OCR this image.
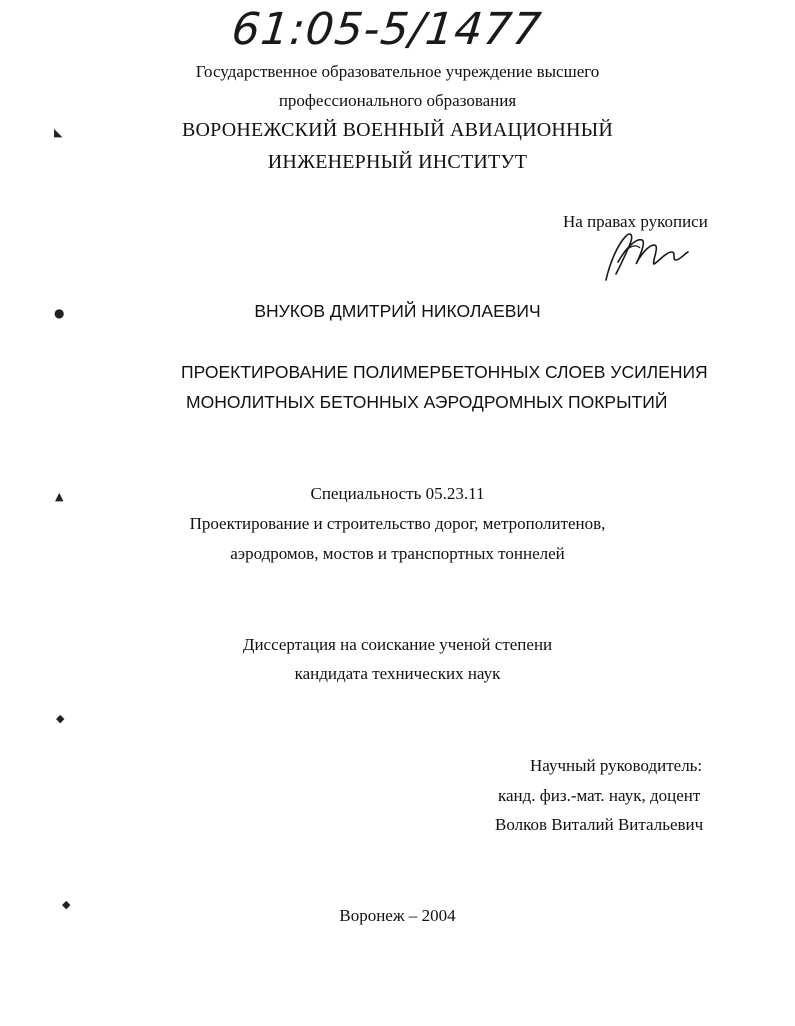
61:05-5/1477
Государственное образовательное учреждение высшего
профессионального образования
ВОРОНЕЖСКИЙ ВОЕННЫЙ АВИАЦИОННЫЙ
ИНЖЕНЕРНЫЙ ИНСТИТУТ
На правах рукописи
ВНУКОВ ДМИТРИЙ НИКОЛАЕВИЧ
ПРОЕКТИРОВАНИЕ ПОЛИМЕРБЕТОННЫХ СЛОЕВ УСИЛЕНИЯ
МОНОЛИТНЫХ БЕТОННЫХ АЭРОДРОМНЫХ ПОКРЫТИЙ
Специальность 05.23.11
Проектирование и строительство дорог, метрополитенов,
аэродромов, мостов и транспортных тоннелей
Диссертация на соискание ученой степени
кандидата технических наук
Научный руководитель:
канд. физ.-мат. наук, доцент
Волков Виталий Витальевич
Воронеж – 2004
◣
●
▲
◆
◆
